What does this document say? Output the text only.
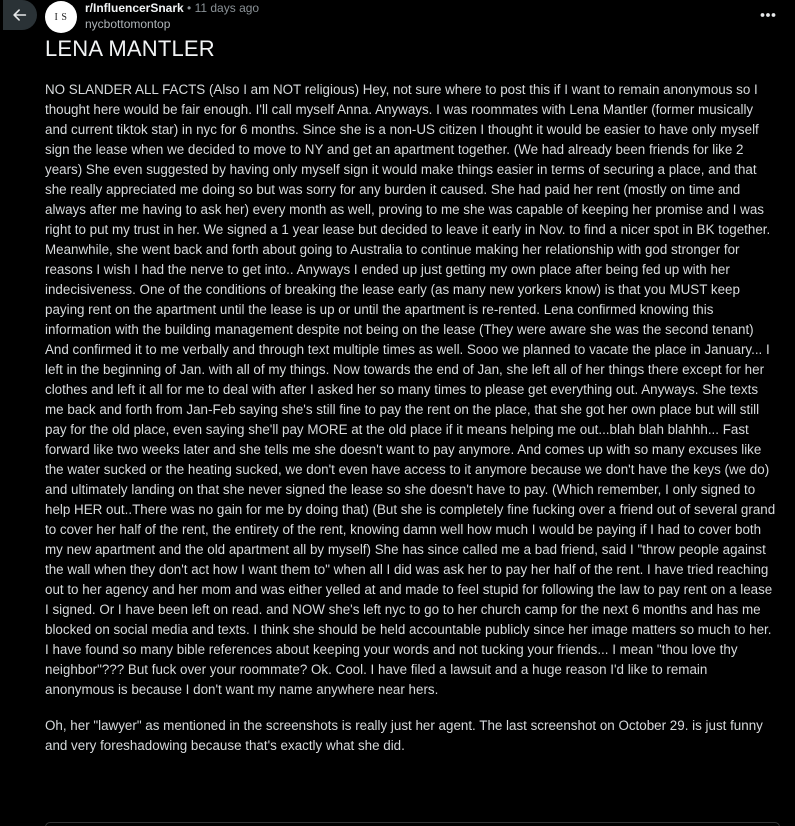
I S
r/InfluencerSnark • 11 days ago
nycbottomontop
LENA MANTLER

NO SLANDER ALL FACTS (Also I am NOT religious) Hey, not sure where to post this if I want to remain anonymous so I thought here would be fair enough. I'll call myself Anna. Anyways. I was roommates with Lena Mantler (former musically and current tiktok star) in nyc for 6 months. Since she is a non-US citizen I thought it would be easier to have only myself sign the lease when we decided to move to NY and get an apartment together. (We had already been friends for like 2 years) She even suggested by having only myself sign it would make things easier in terms of securing a place, and that she really appreciated me doing so but was sorry for any burden it caused. She had paid her rent (mostly on time and always after me having to ask her) every month as well, proving to me she was capable of keeping her promise and I was right to put my trust in her. We signed a 1 year lease but decided to leave it early in Nov. to find a nicer spot in BK together. Meanwhile, she went back and forth about going to Australia to continue making her relationship with god stronger for reasons I wish I had the nerve to get into.. Anyways I ended up just getting my own place after being fed up with her indecisiveness. One of the conditions of breaking the lease early (as many new yorkers know) is that you MUST keep paying rent on the apartment until the lease is up or until the apartment is re-rented. Lena confirmed knowing this information with the building management despite not being on the lease (They were aware she was the second tenant) And confirmed it to me verbally and through text multiple times as well. Sooo we planned to vacate the place in January... I left in the beginning of Jan. with all of my things. Now towards the end of Jan, she left all of her things there except for her clothes and left it all for me to deal with after I asked her so many times to please get everything out. Anyways. She texts me back and forth from Jan-Feb saying she's still fine to pay the rent on the place, that she got her own place but will still pay for the old place, even saying she'll pay MORE at the old place if it means helping me out...blah blah blahhh... Fast forward like two weeks later and she tells me she doesn't want to pay anymore. And comes up with so many excuses like the water sucked or the heating sucked, we don't even have access to it anymore because we don't have the keys (we do) and ultimately landing on that she never signed the lease so she doesn't have to pay. (Which remember, I only signed to help HER out..There was no gain for me by doing that) (But she is completely fine fucking over a friend out of several grand to cover her half of the rent, the entirety of the rent, knowing damn well how much I would be paying if I had to cover both my new apartment and the old apartment all by myself) She has since called me a bad friend, said I "throw people against the wall when they don't act how I want them to" when all I did was ask her to pay her half of the rent. I have tried reaching out to her agency and her mom and was either yelled at and made to feel stupid for following the law to pay rent on a lease I signed. Or I have been left on read. and NOW she's left nyc to go to her church camp for the next 6 months and has me blocked on social media and texts. I think she should be held accountable publicly since her image matters so much to her. I have found so many bible references about keeping your words and not tucking your friends... I mean "thou love thy neighbor"??? But fuck over your roommate? Ok. Cool. I have filed a lawsuit and a huge reason I'd like to remain anonymous is because I don't want my name anywhere near hers.

Oh, her "lawyer" as mentioned in the screenshots is really just her agent. The last screenshot on October 29. is just funny and very foreshadowing because that's exactly what she did.
